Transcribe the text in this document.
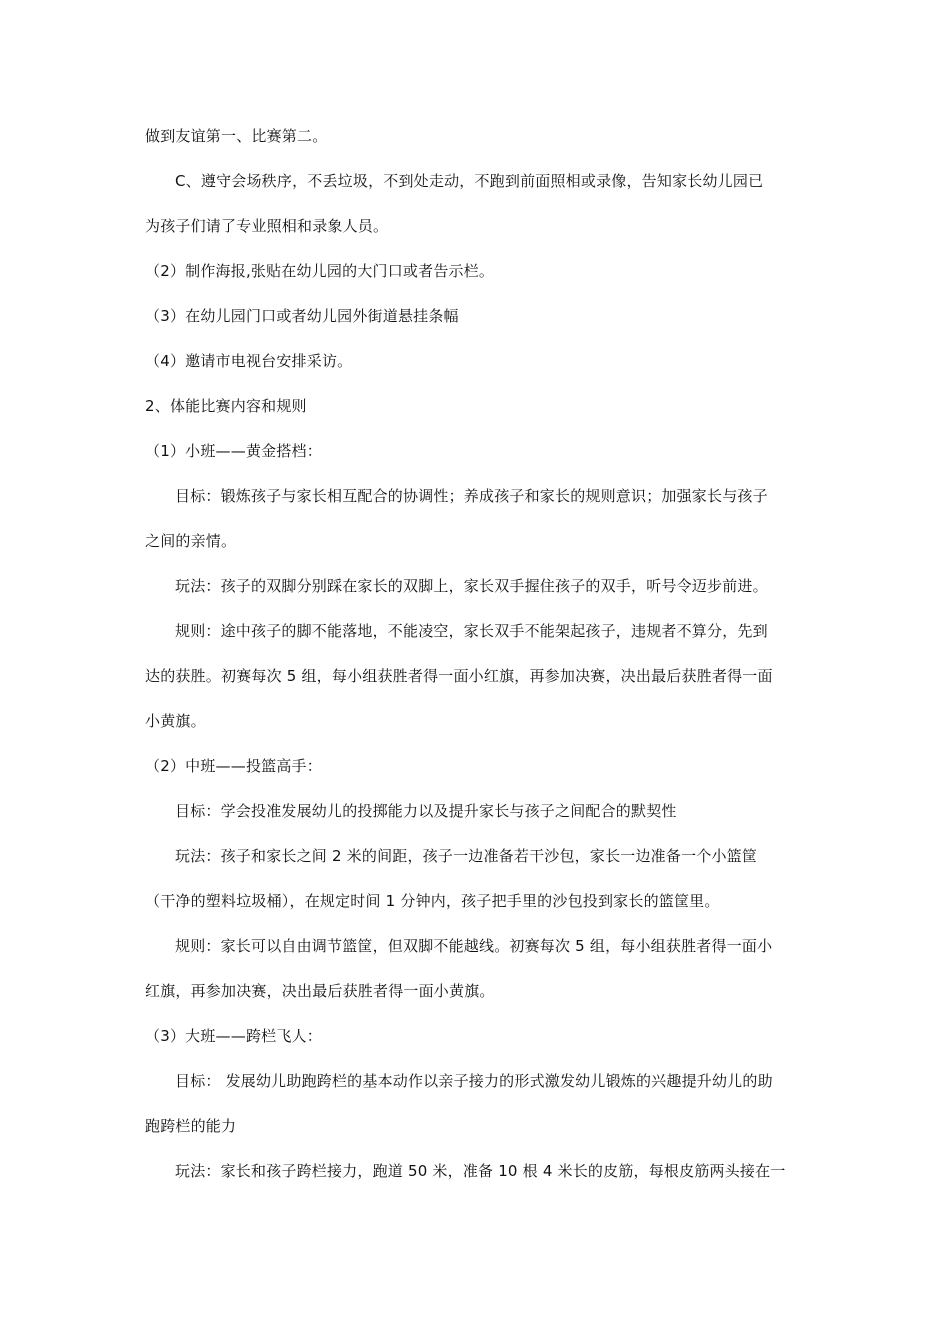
做到友谊第一、比赛第二。
C、遵守会场秩序，不丢垃圾，不到处走动，不跑到前面照相或录像，告知家长幼儿园已
为孩子们请了专业照相和录象人员。
（2）制作海报,张贴在幼儿园的大门口或者告示栏。
（3）在幼儿园门口或者幼儿园外街道悬挂条幅
（4）邀请市电视台安排采访。
2、体能比赛内容和规则
（1）小班——黄金搭档：
目标：锻炼孩子与家长相互配合的协调性；养成孩子和家长的规则意识；加强家长与孩子
之间的亲情。
玩法：孩子的双脚分别踩在家长的双脚上，家长双手握住孩子的双手，听号令迈步前进。
规则：途中孩子的脚不能落地，不能凌空，家长双手不能架起孩子，违规者不算分，先到
达的获胜。初赛每次 5 组，每小组获胜者得一面小红旗，再参加决赛，决出最后获胜者得一面
小黄旗。
（2）中班——投篮高手：
目标：学会投准发展幼儿的投掷能力以及提升家长与孩子之间配合的默契性
玩法：孩子和家长之间 2 米的间距，孩子一边准备若干沙包，家长一边准备一个小篮筐
（干净的塑料垃圾桶），在规定时间 1 分钟内，孩子把手里的沙包投到家长的篮筐里。
规则：家长可以自由调节篮筐，但双脚不能越线。初赛每次 5 组，每小组获胜者得一面小
红旗，再参加决赛，决出最后获胜者得一面小黄旗。
（3）大班——跨栏飞人：
目标： 发展幼儿助跑跨栏的基本动作以亲子接力的形式激发幼儿锻炼的兴趣提升幼儿的助
跑跨栏的能力
玩法：家长和孩子跨栏接力，跑道 50 米，准备 10 根 4 米长的皮筋，每根皮筋两头接在一
